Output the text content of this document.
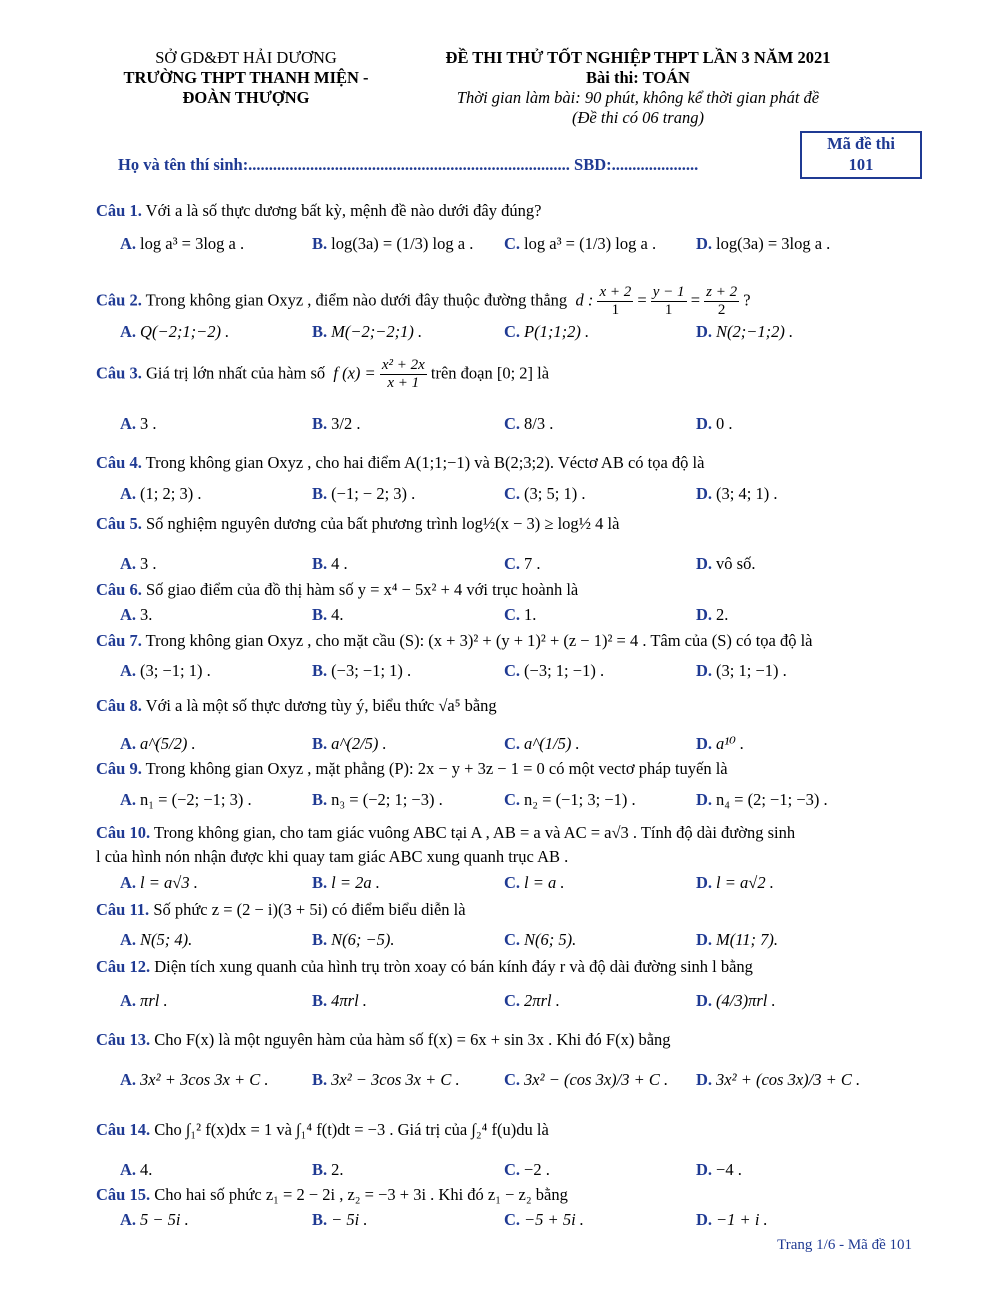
SỞ GD&ĐT HẢI DƯƠNG
TRƯỜNG THPT THANH MIỆN -
ĐOÀN THƯỢNG
ĐỀ THI THỬ TỐT NGHIỆP THPT LẦN 3 NĂM 2021
Bài thi: TOÁN
Thời gian làm bài: 90 phút, không kể thời gian phát đề
(Đề thi có 06 trang)
Mã đề thi
101
Họ và tên thí sinh:.............................................................................. SBD:.....................
Câu 1. Với a là số thực dương bất kỳ, mệnh đề nào dưới đây đúng?
A. log a³ = 3log a .	B. log(3a) = (1/3) log a . C. log a³ = (1/3) log a . D. log(3a) = 3log a .
Câu 2. Trong không gian Oxyz , điểm nào dưới đây thuộc đường thẳng  d : $\frac{x + 2}{1} = \frac{y - 1}{1} = \frac{z + 2}{2}$ ?
A. Q(−2;1;−2) .	B. M(−2;−2;1) .	C. P(1;1;2) .	D. N(2;−1;2) .
Câu 3. Giá trị lớn nhất của hàm số  f $(x) = \frac{\text{x² + 2x}}{x + 1}$ trên đoạn [0; 2] là
A. 3 .	B. 3/2 .	C. 8/3 .	D. 0 .
Câu 4. Trong không gian Oxyz , cho hai điểm A(1;1;−1) và B(2;3;2). Véctơ AB có tọa độ là
A. (1; 2; 3) .	B. (−1; − 2; 3) .	C. (3; 5; 1) .	D. (3; 4; 1) .
Câu 5. Số nghiệm nguyên dương của bất phương trình log½(x − 3) ≥ log½ 4 là
A. 3 .	B. 4 .	C. 7 .	D. vô số.
Câu 6. Số giao điểm của đồ thị hàm số y = x⁴ − 5x² + 4 với trục hoành là
A. 3.	B. 4.	C. 1.	D. 2.
Câu 7. Trong không gian Oxyz , cho mặt cầu (S): (x + 3)² + (y + 1)² + (z − 1)² = 4 . Tâm của (S) có tọa độ là
A. (3; −1; 1) .	B. (−3; −1; 1) .	C. (−3; 1; −1) .	D. (3; 1; −1) .
Câu 8. Với a là một số thực dương tùy ý, biểu thức √a⁵ bằng
A. a^(5/2) .	B. a^(2/5) .	C. a^(1/5) .	D. a¹⁰ .
Câu 9. Trong không gian Oxyz , mặt phẳng (P): 2x − y + 3z − 1 = 0 có một vectơ pháp tuyến là
A. n₁ = (−2; −1; 3) .	B. n₃ = (−2; 1; −3) .	C. n₂ = (−1; 3; −1) .	D. n₄ = (2; −1; −3) .
Câu 10. Trong không gian, cho tam giác vuông ABC tại A , AB = a và AC = a√3 . Tính độ dài đường sinh
l của hình nón nhận được khi quay tam giác ABC xung quanh trục AB .
A. l = a√3 .	B. l = 2a .	C. l = a .	D. l = a√2 .
Câu 11. Số phức z = (2 − i)(3 + 5i) có điểm biểu diễn là
A. N(5; 4).	B. N(6; −5).	C. N(6; 5).	D. M(11; 7).
Câu 12. Diện tích xung quanh của hình trụ tròn xoay có bán kính đáy r và độ dài đường sinh l bằng
A. πrl .	B. 4πrl .	C. 2πrl .	D. (4/3)πrl .
Câu 13. Cho F(x) là một nguyên hàm của hàm số f(x) = 6x + sin 3x . Khi đó F(x) bằng
A. 3x² + 3cos 3x + C .	B. 3x² − 3cos 3x + C .	C. 3x² − (cos 3x)/3 + C . D. 3x² + (cos 3x)/3 + C .
Câu 14. Cho ∫₁² f(x)dx = 1 và ∫₁⁴ f(t)dt = −3 . Giá trị của ∫₂⁴ f(u)du là
A. 4.	B. 2.	C. −2 .	D. −4 .
Câu 15. Cho hai số phức z₁ = 2 − 2i , z₂ = −3 + 3i . Khi đó z₁ − z₂ bằng
A. 5 − 5i .	B. − 5i .	C. −5 + 5i .	D. −1 + i .
Trang 1/6 - Mã đề 101
